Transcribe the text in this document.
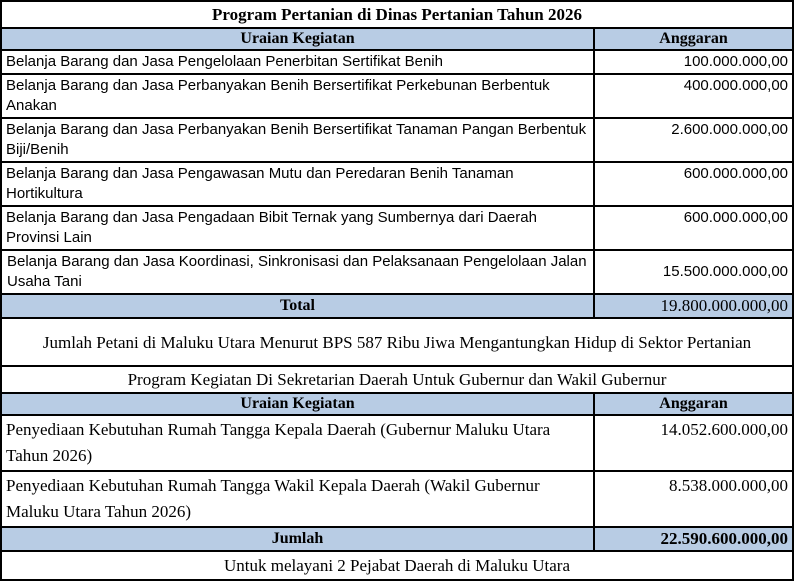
Program Pertanian di Dinas Pertanian Tahun 2026	
Uraian Kegiatan	Anggaran
Belanja Barang dan Jasa Pengelolaan Penerbitan Sertifikat Benih	100.000.000,00
Belanja Barang dan Jasa Perbanyakan Benih Bersertifikat Perkebunan Berbentuk Anakan	400.000.000,00
Belanja Barang dan Jasa Perbanyakan Benih Bersertifikat Tanaman Pangan Berbentuk Biji/Benih	2.600.000.000,00
Belanja Barang dan Jasa Pengawasan Mutu dan Peredaran Benih Tanaman Hortikultura	600.000.000,00
Belanja Barang dan Jasa Pengadaan Bibit Ternak yang Sumbernya dari Daerah Provinsi Lain	600.000.000,00
Belanja Barang dan Jasa Koordinasi, Sinkronisasi dan Pelaksanaan Pengelolaan Jalan Usaha Tani	15.500.000.000,00
Total	19.800.000.000,00
Jumlah Petani di Maluku Utara Menurut BPS 587 Ribu Jiwa Mengantungkan Hidup di Sektor Pertanian	
Program Kegiatan Di Sekretarian Daerah Untuk Gubernur dan Wakil Gubernur	
Uraian Kegiatan	Anggaran
Penyediaan Kebutuhan Rumah Tangga Kepala Daerah (Gubernur Maluku Utara Tahun 2026)	14.052.600.000,00
Penyediaan Kebutuhan Rumah Tangga Wakil Kepala Daerah (Wakil Gubernur Maluku Utara Tahun 2026)	8.538.000.000,00
Jumlah	22.590.600.000,00
Untuk melayani 2 Pejabat Daerah di Maluku Utara	
